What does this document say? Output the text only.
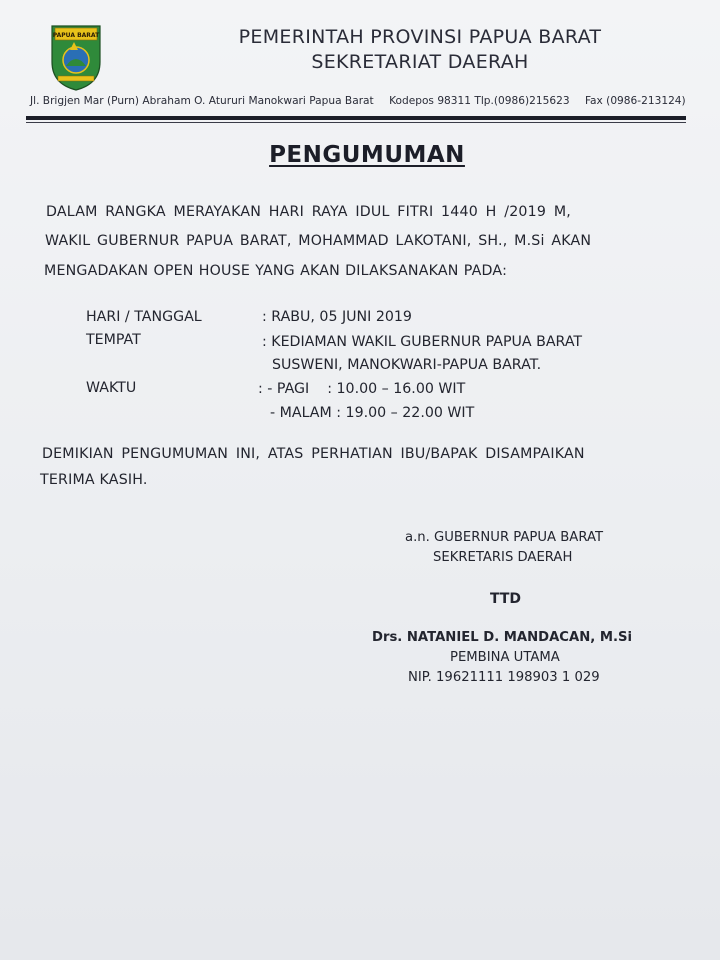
PAPUA BARAT	PEMERINTAH PROVINSI PAPUA BARAT
SEKRETARIAT DAERAH
Jl. Brigjen Mar (Purn) Abraham O. Atururi Manokwari Papua Barat Kodepos 98311 Tlp.(0986)215623 Fax (0986-213124)
PENGUMUMAN
DALAM RANGKA MERAYAKAN HARI RAYA IDUL FITRI 1440 H /2019 M,
WAKIL GUBERNUR PAPUA BARAT, MOHAMMAD LAKOTANI, SH., M.Si AKAN
MENGADAKAN OPEN HOUSE YANG AKAN DILAKSANAKAN PADA:
HARI / TANGGAL	: RABU, 05 JUNI 2019
TEMPAT	: KEDIAMAN WAKIL GUBERNUR PAPUA BARAT
SUSWENI, MANOKWARI-PAPUA BARAT.
WAKTU	: - PAGI    : 10.00 – 16.00 WIT
- MALAM : 19.00 – 22.00 WIT
DEMIKIAN PENGUMUMAN INI, ATAS PERHATIAN IBU/BAPAK DISAMPAIKAN
TERIMA KASIH.
a.n. GUBERNUR PAPUA BARAT
SEKRETARIS DAERAH
TTD
Drs. NATANIEL D. MANDACAN, M.Si
PEMBINA UTAMA
NIP. 19621111 198903 1 029
